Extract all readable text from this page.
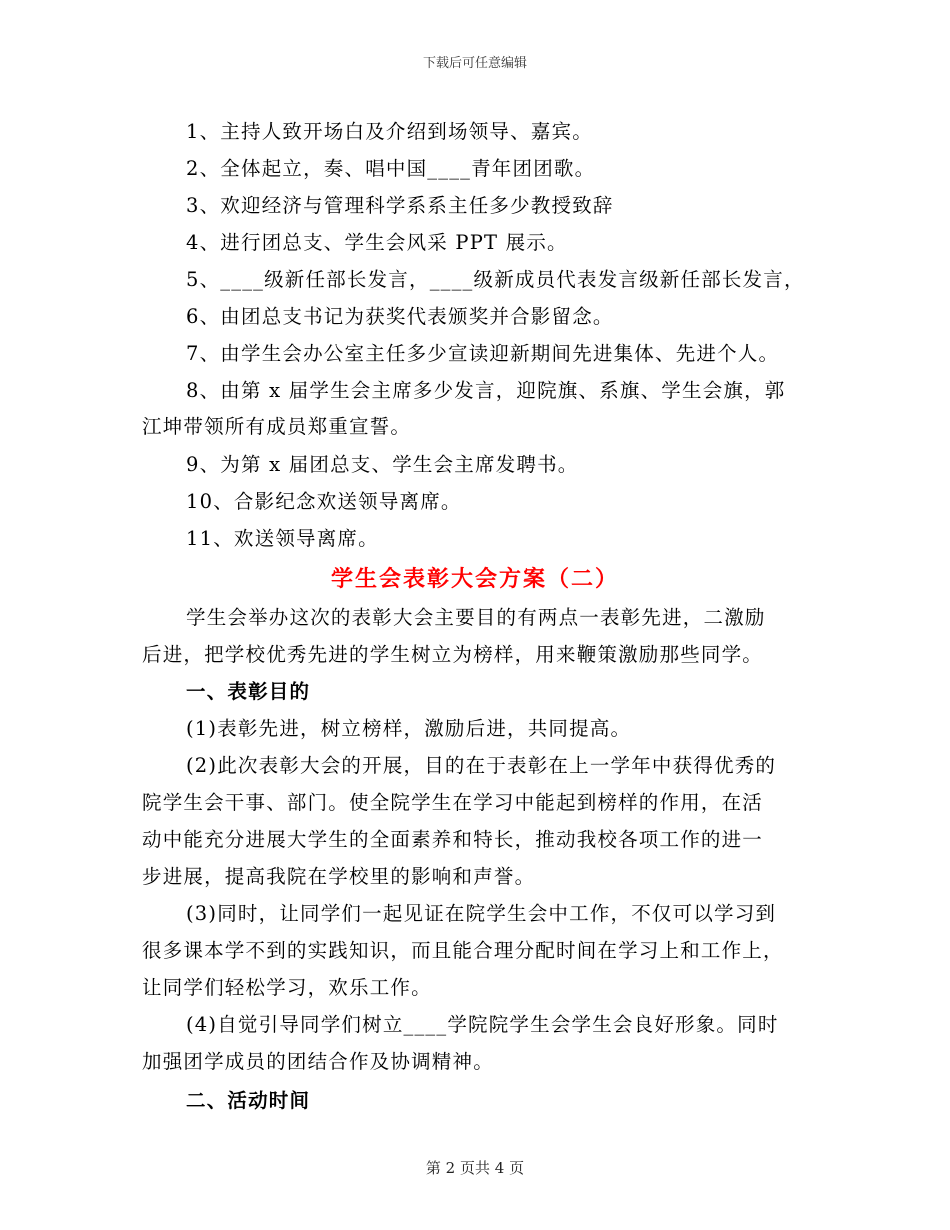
下载后可任意编辑
1、主持人致开场白及介绍到场领导、嘉宾。
2、全体起立，奏、唱中国____青年团团歌。
3、欢迎经济与管理科学系系主任多少教授致辞
4、进行团总支、学生会风采 PPT 展示。
5、____级新任部长发言，____级新成员代表发言级新任部长发言，
6、由团总支书记为获奖代表颁奖并合影留念。
7、由学生会办公室主任多少宣读迎新期间先进集体、先进个人。
8、由第 x 届学生会主席多少发言，迎院旗、系旗、学生会旗，郭
江坤带领所有成员郑重宣誓。
9、为第 x 届团总支、学生会主席发聘书。
10、合影纪念欢送领导离席。
11、欢送领导离席。
学生会表彰大会方案（二）
学生会举办这次的表彰大会主要目的有两点一表彰先进，二激励
后进，把学校优秀先进的学生树立为榜样，用来鞭策激励那些同学。
一、表彰目的
(1)表彰先进，树立榜样，激励后进，共同提高。
(2)此次表彰大会的开展，目的在于表彰在上一学年中获得优秀的
院学生会干事、部门。使全院学生在学习中能起到榜样的作用，在活
动中能充分进展大学生的全面素养和特长，推动我校各项工作的进一
步进展，提高我院在学校里的影响和声誉。
(3)同时，让同学们一起见证在院学生会中工作，不仅可以学习到
很多课本学不到的实践知识，而且能合理分配时间在学习上和工作上，
让同学们轻松学习，欢乐工作。
(4)自觉引导同学们树立____学院院学生会学生会良好形象。同时
加强团学成员的团结合作及协调精神。
二、活动时间
第 2 页共 4 页
